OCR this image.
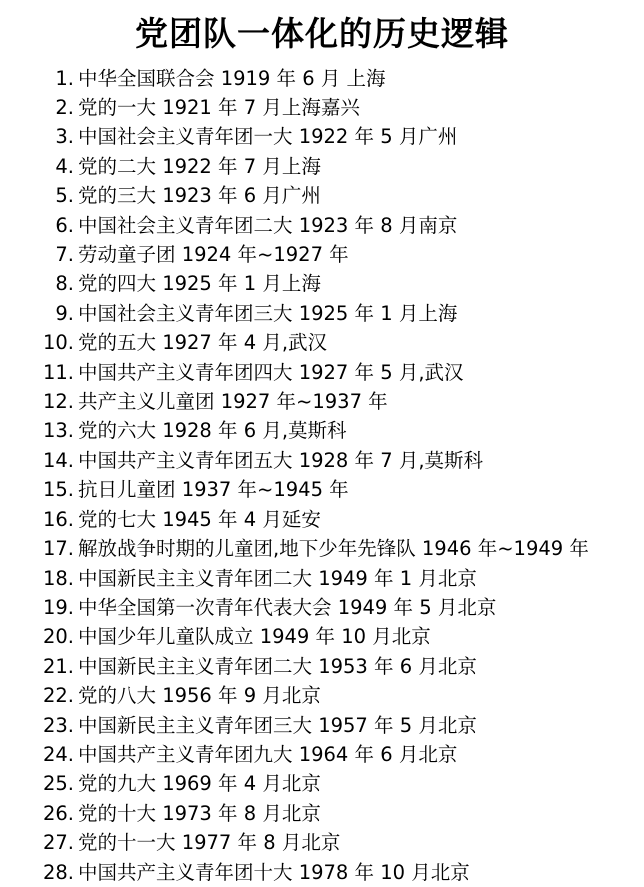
党团队一体化的历史逻辑
1. 中华全国联合会 1919 年 6 月 上海
2. 党的一大 1921 年 7 月上海嘉兴
3. 中国社会主义青年团一大 1922 年 5 月广州
4. 党的二大 1922 年 7 月上海
5. 党的三大 1923 年 6 月广州
6. 中国社会主义青年团二大 1923 年 8 月南京
7. 劳动童子团 1924 年~1927 年
8. 党的四大 1925 年 1 月上海
9. 中国社会主义青年团三大 1925 年 1 月上海
10. 党的五大 1927 年 4 月,武汉
11. 中国共产主义青年团四大 1927 年 5 月,武汉
12. 共产主义儿童团 1927 年~1937 年
13. 党的六大 1928 年 6 月,莫斯科
14. 中国共产主义青年团五大 1928 年 7 月,莫斯科
15. 抗日儿童团 1937 年~1945 年
16. 党的七大 1945 年 4 月延安
17. 解放战争时期的儿童团,地下少年先锋队 1946 年~1949 年
18. 中国新民主主义青年团二大 1949 年 1 月北京
19. 中华全国第一次青年代表大会 1949 年 5 月北京
20. 中国少年儿童队成立 1949 年 10 月北京
21. 中国新民主主义青年团二大 1953 年 6 月北京
22. 党的八大 1956 年 9 月北京
23. 中国新民主主义青年团三大 1957 年 5 月北京
24. 中国共产主义青年团九大 1964 年 6 月北京
25. 党的九大 1969 年 4 月北京
26. 党的十大 1973 年 8 月北京
27. 党的十一大 1977 年 8 月北京
28. 中国共产主义青年团十大 1978 年 10 月北京
